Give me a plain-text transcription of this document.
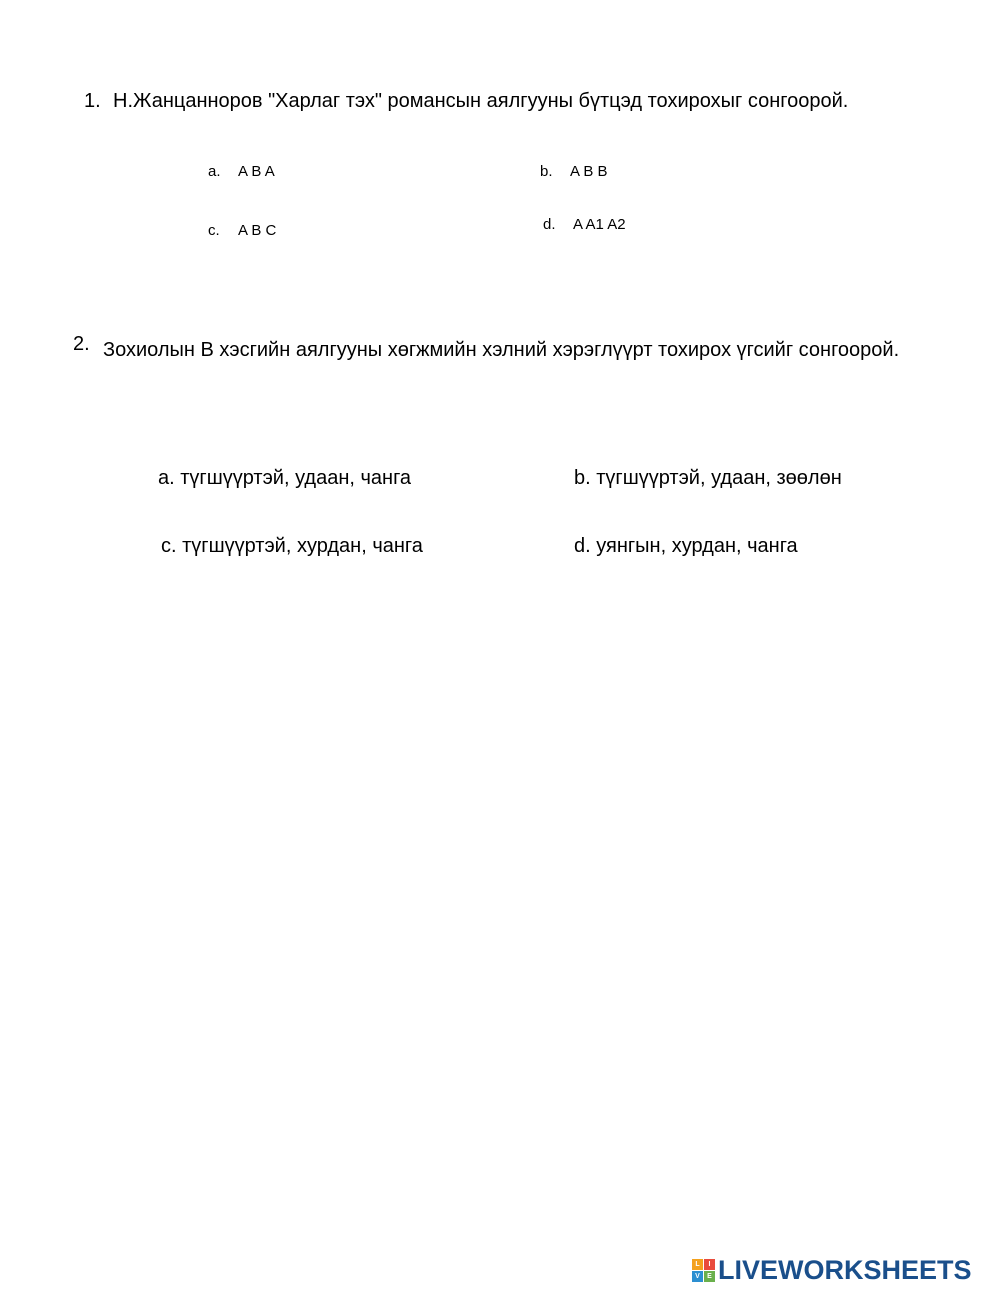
1. Н.Жанцанноров "Харлаг тэх" романсын аялгууны бүтцэд тохирохыг сонгоорой.
a. A B A	b. A B B
c. A B C	d. A A1 A2
2. Зохиолын B хэсгийн аялгууны хөгжмийн хэлний хэрэглүүрт тохирох үгсийг сонгоорой.
a. түгшүүртэй, удаан, чанга	b. түгшүүртэй, удаан, зөөлөн
c. түгшүүртэй, хурдан, чанга	d. уянгын, хурдан, чанга
L	I
V	E LIVEWORKSHEETS
